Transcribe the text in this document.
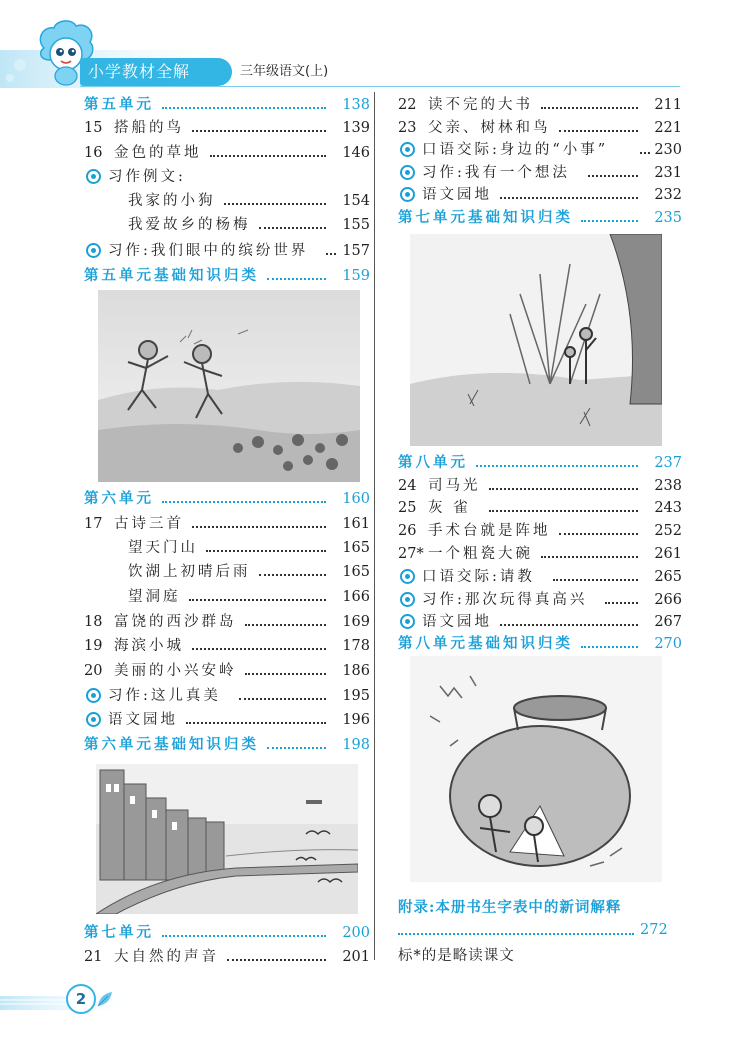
小学教材全解	三年级语文(上)
第五单元	138
15 搭船的鸟	139
16 金色的草地	146
习作例文:
我家的小狗	154
我爱故乡的杨梅	155
习作:我们眼中的缤纷世界	157
第五单元基础知识归类	159
第六单元	160
17 古诗三首	161
望天门山	165
饮湖上初晴后雨	165
望洞庭	166
18 富饶的西沙群岛	169
19 海滨小城	178
20 美丽的小兴安岭	186
习作:这儿真美	195
语文园地	196
第六单元基础知识归类	198
第七单元	200
21 大自然的声音	201
22 读不完的大书	211
23 父亲、树林和鸟	221
口语交际:身边的“小事”	230
习作:我有一个想法	231
语文园地	232
第七单元基础知识归类	235
第八单元	237
24 司马光	238
25 灰 雀	243
26 手术台就是阵地	252
27* 一个粗瓷大碗	261
口语交际:请教	265
习作:那次玩得真高兴	266
语文园地	267
第八单元基础知识归类	270
附录:本册书生字表中的新词解释
272
标*的是略读课文
2
